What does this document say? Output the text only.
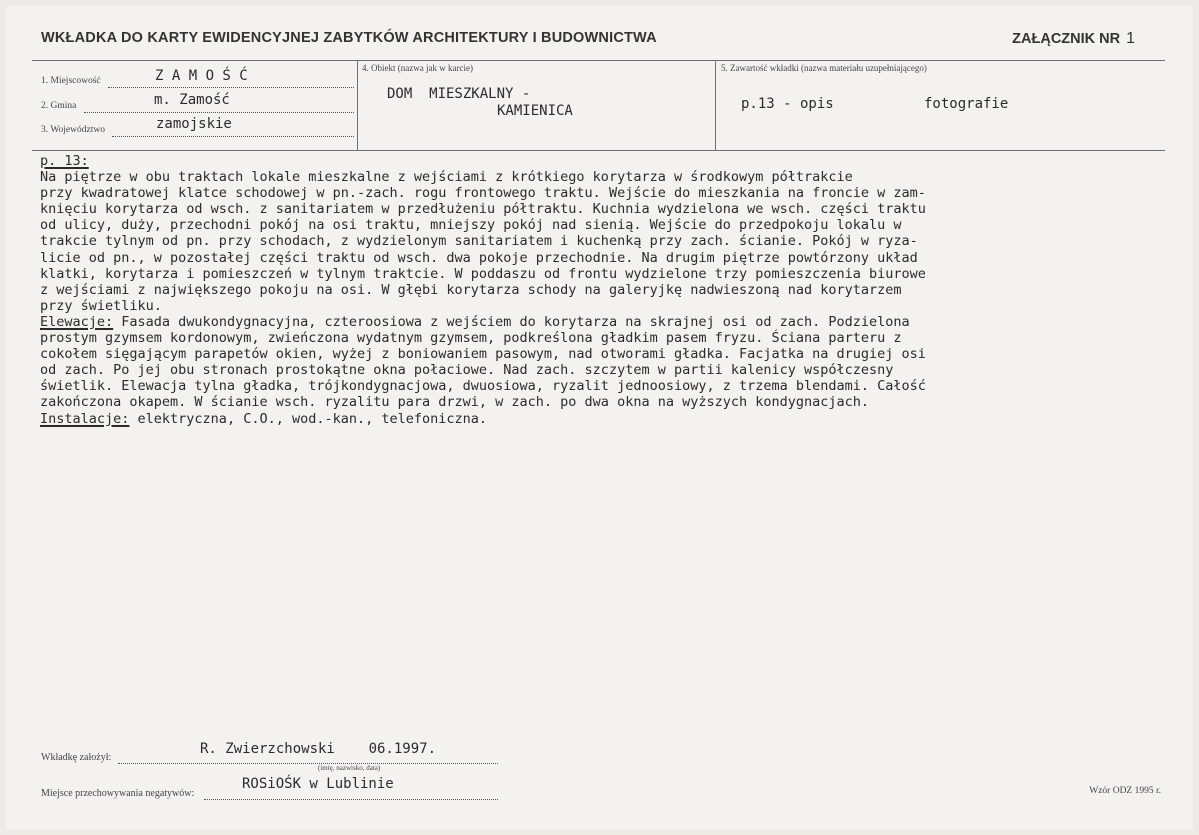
WKŁADKA DO KARTY EWIDENCYJNEJ ZABYTKÓW ARCHITEKTURY I BUDOWNICTWA	ZAŁĄCZNIK NR 1
1. Miejscowość	Z A M O Ś Ć
2. Gmina	m. Zamość
3. Województwo	zamojskie
4. Obiekt (nazwa jak w karcie)
DOM  MIESZKALNY -
KAMIENICA
5. Zawartość wkładki (nazwa materiału uzupełniającego)
p.13 - opis	fotografie
p. 13:
Na piętrze w obu traktach lokale mieszkalne z wejściami z krótkiego korytarza w środkowym półtrakcie
przy kwadratowej klatce schodowej w pn.-zach. rogu frontowego traktu. Wejście do mieszkania na froncie w zam-
knięciu korytarza od wsch. z sanitariatem w przedłużeniu półtraktu. Kuchnia wydzielona we wsch. części traktu
od ulicy, duży, przechodni pokój na osi traktu, mniejszy pokój nad sienią. Wejście do przedpokoju lokalu w
trakcie tylnym od pn. przy schodach, z wydzielonym sanitariatem i kuchenką przy zach. ścianie. Pokój w ryza-
licie od pn., w pozostałej części traktu od wsch. dwa pokoje przechodnie. Na drugim piętrze powtórzony układ
klatki, korytarza i pomieszczeń w tylnym traktcie. W poddaszu od frontu wydzielone trzy pomieszczenia biurowe
z wejściami z największego pokoju na osi. W głębi korytarza schody na galeryjkę nadwieszoną nad korytarzem
przy świetliku.
Elewacje: Fasada dwukondygnacyjna, czteroosiowa z wejściem do korytarza na skrajnej osi od zach. Podzielona
prostym gzymsem kordonowym, zwieńczona wydatnym gzymsem, podkreślona gładkim pasem fryzu. Ściana parteru z
cokołem sięgającym parapetów okien, wyżej z boniowaniem pasowym, nad otworami gładka. Facjatka na drugiej osi
od zach. Po jej obu stronach prostokątne okna połaciowe. Nad zach. szczytem w partii kalenicy współczesny
świetlik. Elewacja tylna gładka, trójkondygnacjowa, dwuosiowa, ryzalit jednoosiowy, z trzema blendami. Całość
zakończona okapem. W ścianie wsch. ryzalitu para drzwi, w zach. po dwa okna na wyższych kondygnacjach.
Instalacje: elektryczna, C.O., wod.-kan., telefoniczna.
Wkładkę założył:
R. Zwierzchowski    06.1997.
(imię, nazwisko, data)
Miejsce przechowywania negatywów:
ROSiOŚK w Lublinie	Wzór ODZ 1995 r.
